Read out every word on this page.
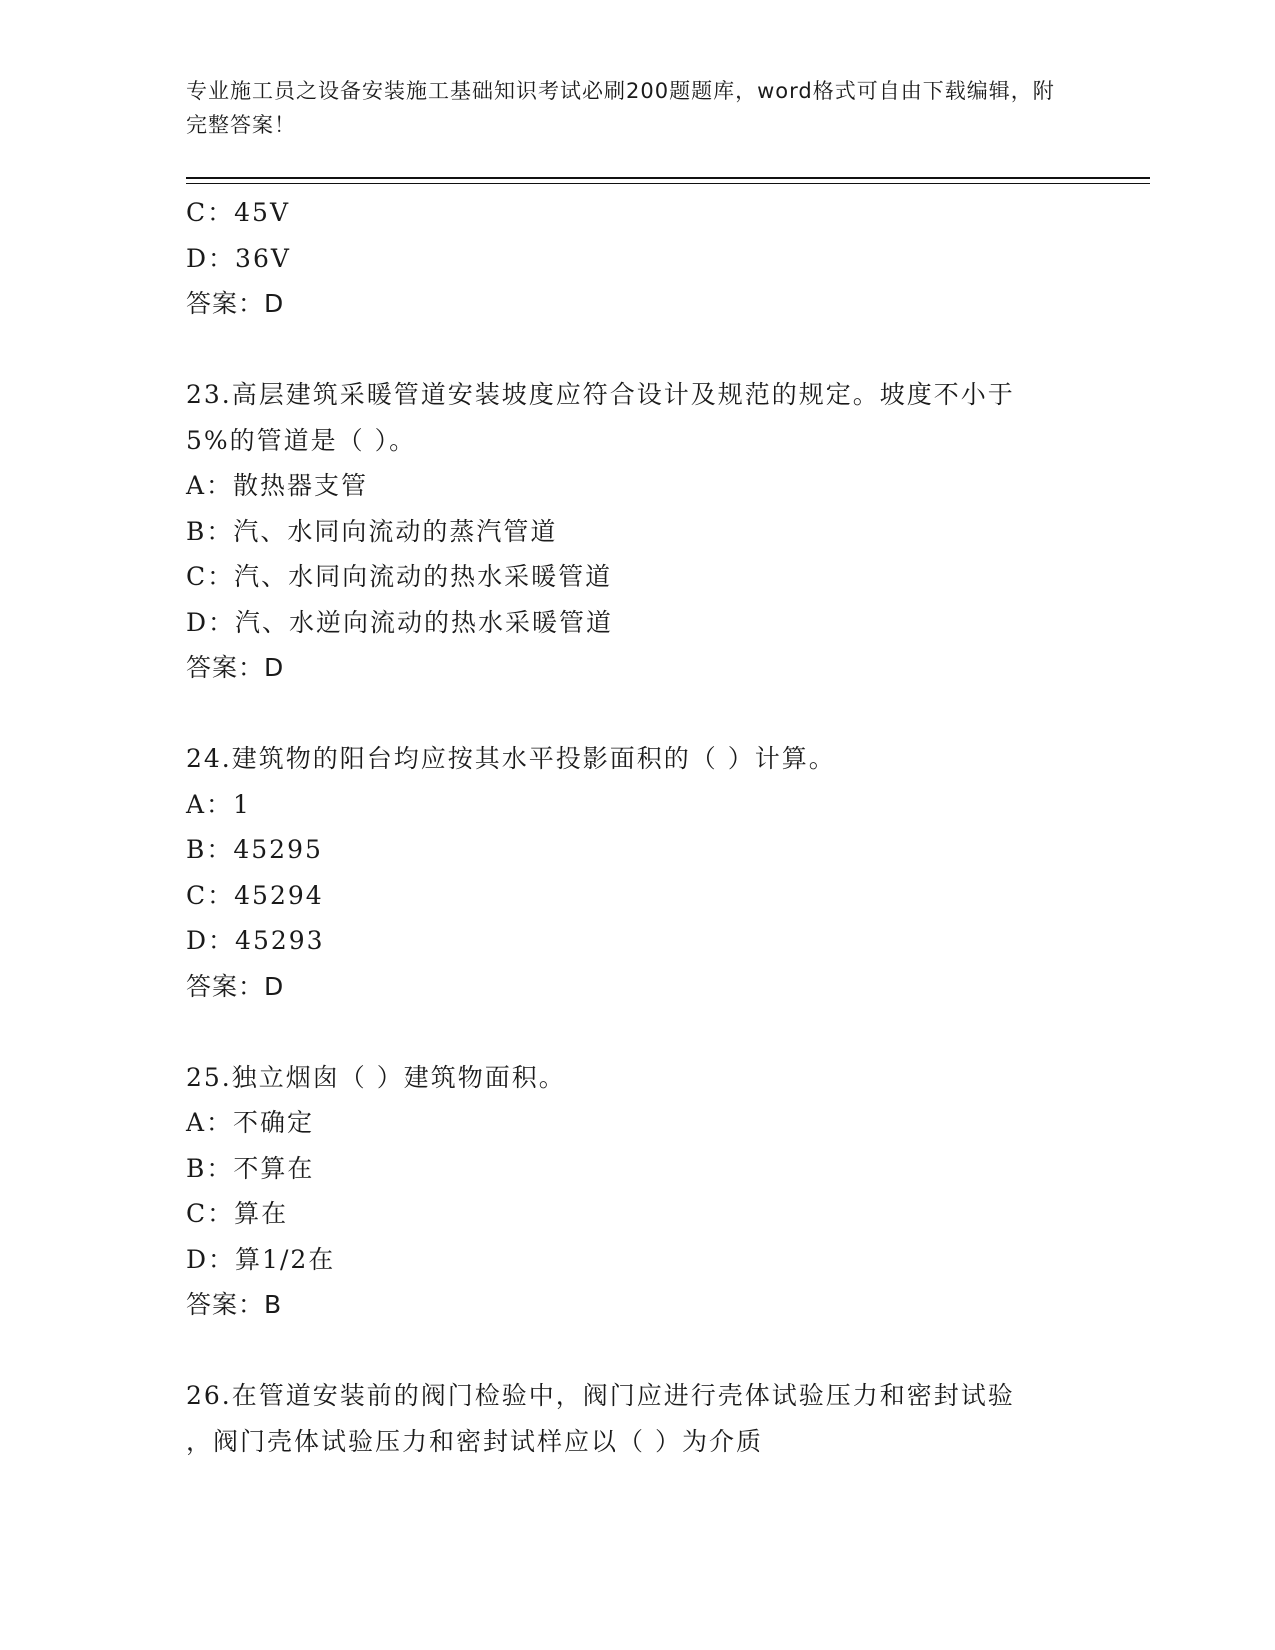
专业施工员之设备安装施工基础知识考试必刷200题题库，word格式可自由下载编辑，附完整答案！
C：45V
D：36V
答案：D
23.高层建筑采暖管道安装坡度应符合设计及规范的规定。坡度不小于
5%的管道是（ ）。
A：散热器支管
B：汽、水同向流动的蒸汽管道
C：汽、水同向流动的热水采暖管道
D：汽、水逆向流动的热水采暖管道
答案：D
24.建筑物的阳台均应按其水平投影面积的（ ）计算。
A：1
B：45295
C：45294
D：45293
答案：D
25.独立烟囱（ ）建筑物面积。
A：不确定
B：不算在
C：算在
D：算1/2在
答案：B
26.在管道安装前的阀门检验中，阀门应进行壳体试验压力和密封试验
，阀门壳体试验压力和密封试样应以（ ）为介质
